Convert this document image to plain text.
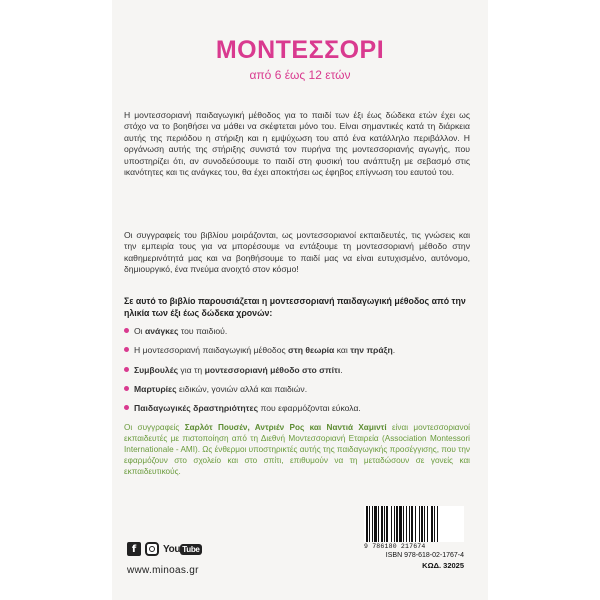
ΜΟΝΤΕΣΣΟΡΙ
από 6 έως 12 ετών

Η μοντεσσοριανή παιδαγωγική μέθοδος για το παιδί των έξι έως δώδεκα ετών έχει ως στόχο να το βοηθήσει να μάθει να σκέφτεται μόνο του. Είναι σημαντικές κατά τη διάρκεια αυτής της περιόδου η στήριξη και η εμψύχωση του από ένα κατάλληλο περιβάλλον. Η οργάνωση αυτής της στήριξης συνιστά τον πυρήνα της μοντεσσοριανής αγωγής, που υποστηρίζει ότι, αν συνοδεύσουμε το παιδί στη φυσική του ανάπτυξη με σεβασμό στις ικανότητες και τις ανάγκες του, θα έχει αποκτήσει ως έφηβος επίγνωση του εαυτού του.

Οι συγγραφείς του βιβλίου μοιράζονται, ως μοντεσσοριανοί εκπαιδευτές, τις γνώσεις και την εμπειρία τους για να μπορέσουμε να εντάξουμε τη μοντεσσοριανή μέθοδο στην καθημερινότητά μας και να βοηθήσουμε το παιδί μας να είναι ευτυχισμένο, αυτόνομο, δημιουργικό, ένα πνεύμα ανοιχτό στον κόσμο!

Σε αυτό το βιβλίο παρουσιάζεται η μοντεσσοριανή παιδαγωγική μέθοδος από την ηλικία των έξι έως δώδεκα χρονών:

Οι ανάγκες του παιδιού.
Η μοντεσσοριανή παιδαγωγική μέθοδος στη θεωρία και την πράξη.
Συμβουλές για τη μοντεσσοριανή μέθοδο στο σπίτι.
Μαρτυρίες ειδικών, γονιών αλλά και παιδιών.
Παιδαγωγικές δραστηριότητες που εφαρμόζονται εύκολα.

Οι συγγραφείς Σαρλότ Πουσέν, Αντριέν Ρος και Ναντιά Χαμιντί είναι μοντεσσοριανοί εκπαιδευτές με πιστοποίηση από τη Διεθνή Μοντεσσοριανή Εταιρεία (Association Montessori Internationale - AMI). Ως ένθερμοι υποστηρικτές αυτής της παιδαγωγικής προσέγγισης, που την εφαρμόζουν στο σχολείο και στο σπίτι, επιθυμούν να τη μεταδώσουν σε γονείς και εκπαιδευτικούς.

f	You Tube
www.minoas.gr
9 786180 217674
ISBN 978-618-02-1767-4
ΚΩΔ. 32025
